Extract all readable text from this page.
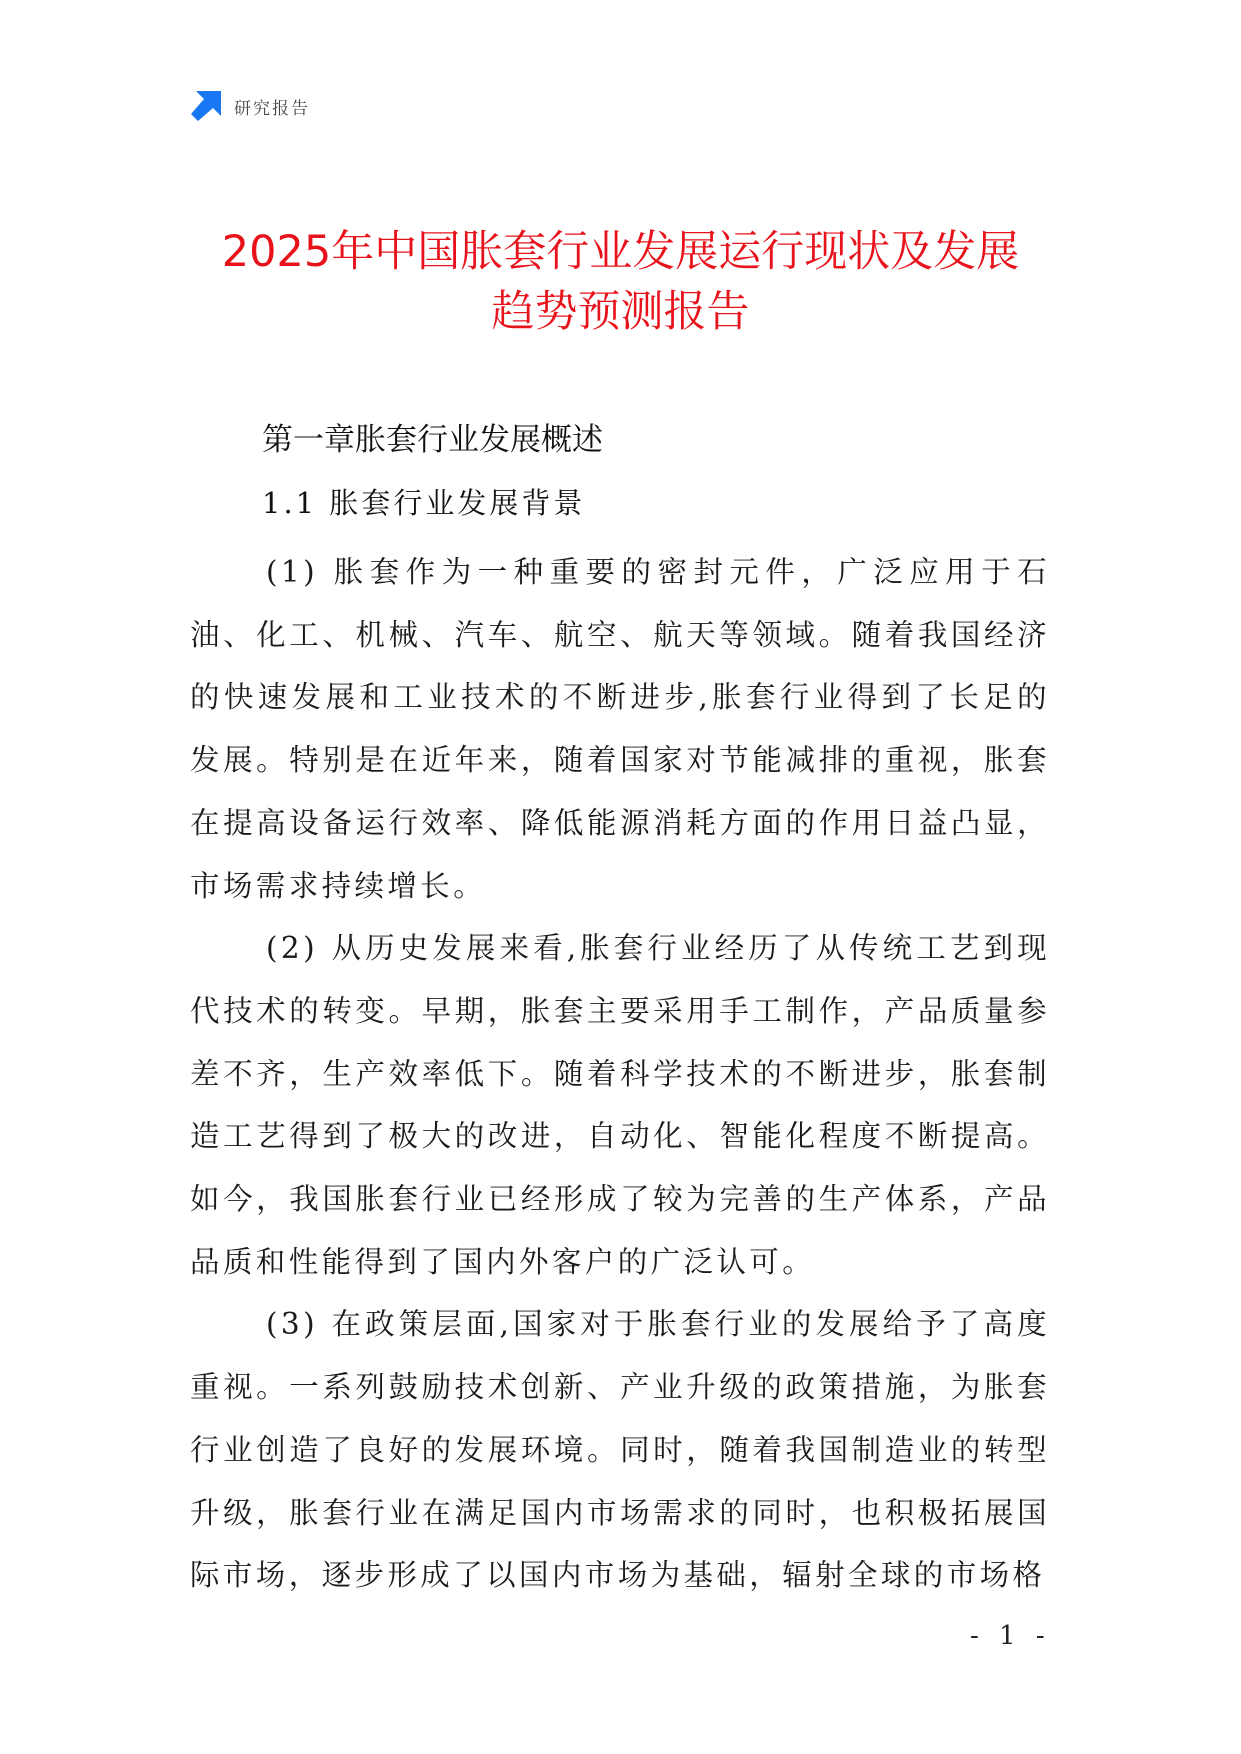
研究报告
2025年中国胀套行业发展运行现状及发展
趋势预测报告
第一章胀套行业发展概述
1.1 胀套行业发展背景

(1) 胀套作为一种重要的密封元件，广泛应用于石油、化工、机械、汽车、航空、航天等领域。随着我国经济的快速发展和工业技术的不断进步,胀套行业得到了长足的发展。特别是在近年来，随着国家对节能减排的重视，胀套在提高设备运行效率、降低能源消耗方面的作用日益凸显，市场需求持续增长。

(2) 从历史发展来看,胀套行业经历了从传统工艺到现代技术的转变。早期，胀套主要采用手工制作，产品质量参差不齐，生产效率低下。随着科学技术的不断进步，胀套制造工艺得到了极大的改进，自动化、智能化程度不断提高。如今，我国胀套行业已经形成了较为完善的生产体系，产品品质和性能得到了国内外客户的广泛认可。

(3) 在政策层面,国家对于胀套行业的发展给予了高度重视。一系列鼓励技术创新、产业升级的政策措施，为胀套行业创造了良好的发展环境。同时，随着我国制造业的转型升级，胀套行业在满足国内市场需求的同时，也积极拓展国际市场，逐步形成了以国内市场为基础，辐射全球的市场格

- 1 -
